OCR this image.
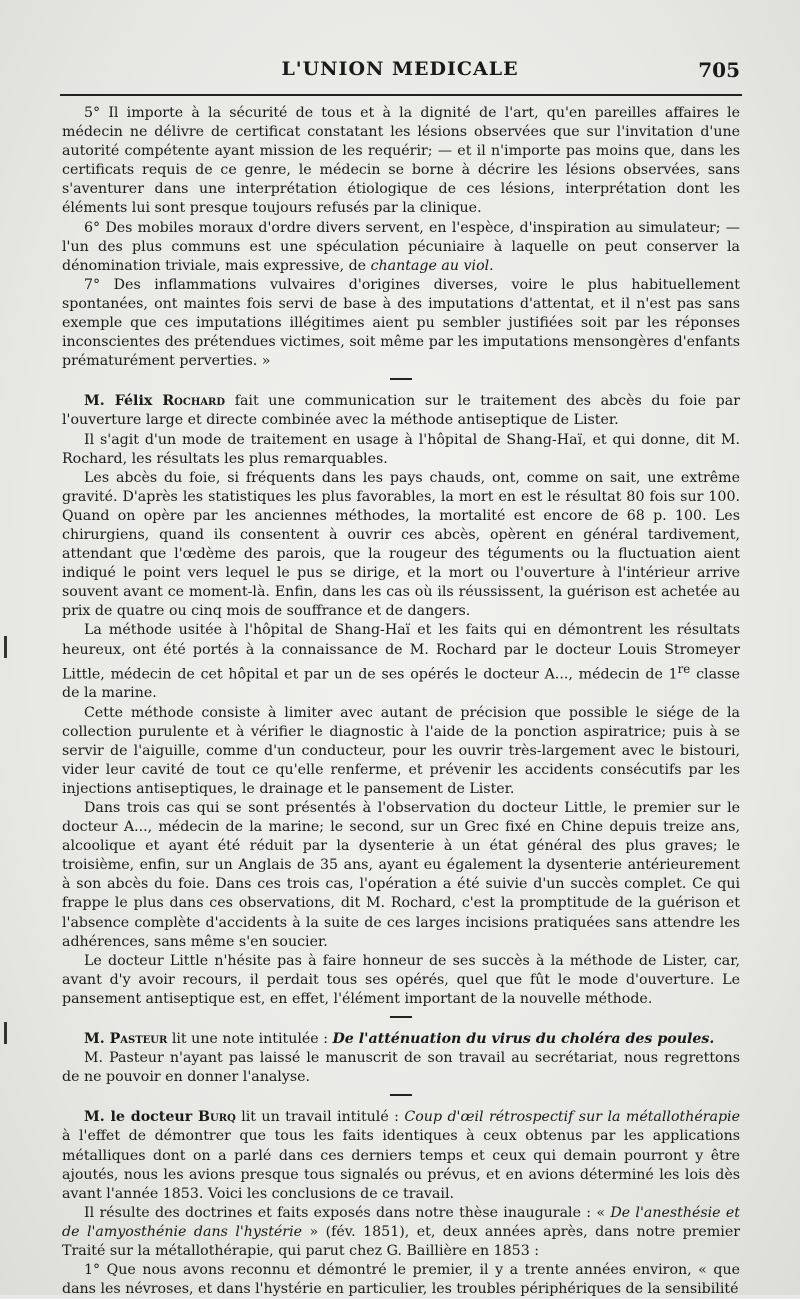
L'UNION MEDICALE	705

5° Il importe à la sécurité de tous et à la dignité de l'art, qu'en pareilles affaires le médecin ne délivre de certificat constatant les lésions observées que sur l'invitation d'une autorité compétente ayant mission de les requérir; — et il n'importe pas moins que, dans les certificats requis de ce genre, le médecin se borne à décrire les lésions observées, sans s'aventurer dans une interprétation étiologique de ces lésions, interprétation dont les éléments lui sont presque toujours refusés par la clinique.

6° Des mobiles moraux d'ordre divers servent, en l'espèce, d'inspiration au simulateur; — l'un des plus communs est une spéculation pécuniaire à laquelle on peut conserver la dénomination triviale, mais expressive, de chantage au viol.

7° Des inflammations vulvaires d'origines diverses, voire le plus habituellement spontanées, ont maintes fois servi de base à des imputations d'attentat, et il n'est pas sans exemple que ces imputations illégitimes aient pu sembler justifiées soit par les réponses inconscientes des prétendues victimes, soit même par les imputations mensongères d'enfants prématurément perverties. »

M. Félix Rochard fait une communication sur le traitement des abcès du foie par l'ouverture large et directe combinée avec la méthode antiseptique de Lister.

Il s'agit d'un mode de traitement en usage à l'hôpital de Shang-Haï, et qui donne, dit M. Rochard, les résultats les plus remarquables.

Les abcès du foie, si fréquents dans les pays chauds, ont, comme on sait, une extrême gravité. D'après les statistiques les plus favorables, la mort en est le résultat 80 fois sur 100. Quand on opère par les anciennes méthodes, la mortalité est encore de 68 p. 100. Les chirurgiens, quand ils consentent à ouvrir ces abcès, opèrent en général tardivement, attendant que l'œdème des parois, que la rougeur des téguments ou la fluctuation aient indiqué le point vers lequel le pus se dirige, et la mort ou l'ouverture à l'intérieur arrive souvent avant ce moment-là. Enfin, dans les cas où ils réussissent, la guérison est achetée au prix de quatre ou cinq mois de souffrance et de dangers.

La méthode usitée à l'hôpital de Shang-Haï et les faits qui en démontrent les résultats heureux, ont été portés à la connaissance de M. Rochard par le docteur Louis Stromeyer Little, médecin de cet hôpital et par un de ses opérés le docteur A..., médecin de 1re classe de la marine.

Cette méthode consiste à limiter avec autant de précision que possible le siége de la collection purulente et à vérifier le diagnostic à l'aide de la ponction aspiratrice; puis à se servir de l'aiguille, comme d'un conducteur, pour les ouvrir très-largement avec le bistouri, vider leur cavité de tout ce qu'elle renferme, et prévenir les accidents consécutifs par les injections antiseptiques, le drainage et le pansement de Lister.

Dans trois cas qui se sont présentés à l'observation du docteur Little, le premier sur le docteur A..., médecin de la marine; le second, sur un Grec fixé en Chine depuis treize ans, alcoolique et ayant été réduit par la dysenterie à un état général des plus graves; le troisième, enfin, sur un Anglais de 35 ans, ayant eu également la dysenterie antérieurement à son abcès du foie. Dans ces trois cas, l'opération a été suivie d'un succès complet. Ce qui frappe le plus dans ces observations, dit M. Rochard, c'est la promptitude de la guérison et l'absence complète d'accidents à la suite de ces larges incisions pratiquées sans attendre les adhérences, sans même s'en soucier.

Le docteur Little n'hésite pas à faire honneur de ses succès à la méthode de Lister, car, avant d'y avoir recours, il perdait tous ses opérés, quel que fût le mode d'ouverture. Le pansement antiseptique est, en effet, l'élément important de la nouvelle méthode.

M. Pasteur lit une note intitulée : De l'atténuation du virus du choléra des poules.

M. Pasteur n'ayant pas laissé le manuscrit de son travail au secrétariat, nous regrettons de ne pouvoir en donner l'analyse.

M. le docteur Burq lit un travail intitulé : Coup d'œil rétrospectif sur la métallothérapie à l'effet de démontrer que tous les faits identiques à ceux obtenus par les applications métalliques dont on a parlé dans ces derniers temps et ceux qui demain pourront y être ajoutés, nous les avions presque tous signalés ou prévus, et en avions déterminé les lois dès avant l'année 1853. Voici les conclusions de ce travail.

Il résulte des doctrines et faits exposés dans notre thèse inaugurale : « De l'anesthésie et de l'amyosthénie dans l'hystérie » (fév. 1851), et, deux années après, dans notre premier Traité sur la métallothérapie, qui parut chez G. Baillière en 1853 :

1° Que nous avons reconnu et démontré le premier, il y a trente années environ, « que dans les névroses, et dans l'hystérie en particulier, les troubles périphériques de la sensibilité
